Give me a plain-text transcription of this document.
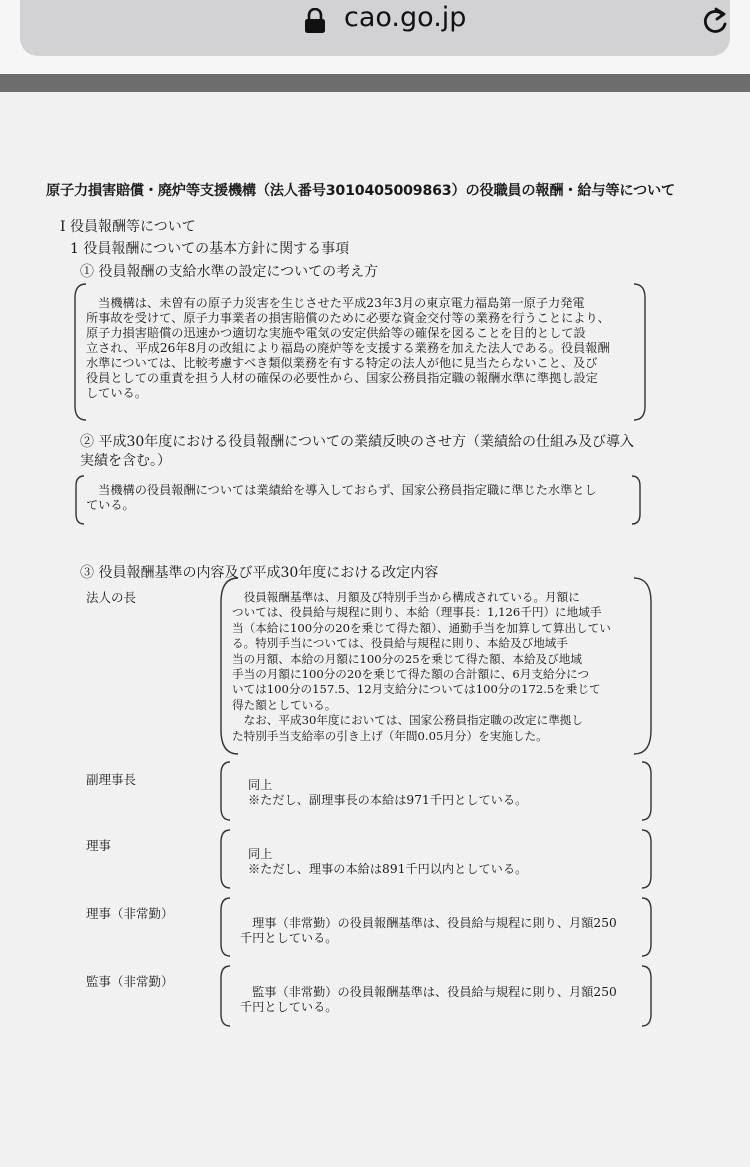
cao.go.jp
原子力損害賠償・廃炉等支援機構（法人番号3010405009863）の役職員の報酬・給与等について
Ⅰ 役員報酬等について
1 役員報酬についての基本方針に関する事項
① 役員報酬の支給水準の設定についての考え方
　当機構は、未曽有の原子力災害を生じさせた平成23年3月の東京電力福島第一原子力発電
所事故を受けて、原子力事業者の損害賠償のために必要な資金交付等の業務を行うことにより、
原子力損害賠償の迅速かつ適切な実施や電気の安定供給等の確保を図ることを目的として設
立され、平成26年8月の改組により福島の廃炉等を支援する業務を加えた法人である。役員報酬
水準については、比較考慮すべき類似業務を有する特定の法人が他に見当たらないこと、及び
役員としての重責を担う人材の確保の必要性から、国家公務員指定職の報酬水準に準拠し設定
している。
② 平成30年度における役員報酬についての業績反映のさせ方（業績給の仕組み及び導入
実績を含む。）
　当機構の役員報酬については業績給を導入しておらず、国家公務員指定職に準じた水準とし
ている。
③ 役員報酬基準の内容及び平成30年度における改定内容
法人の長	　役員報酬基準は、月額及び特別手当から構成されている。月額に
ついては、役員給与規程に則り、本給（理事長：1,126千円）に地域手
当（本給に100分の20を乗じて得た額）、通勤手当を加算して算出してい
る。特別手当については、役員給与規程に則り、本給及び地域手
当の月額、本給の月額に100分の25を乗じて得た額、本給及び地域
手当の月額に100分の20を乗じて得た額の合計額に、6月支給分につ
いては100分の157.5、12月支給分については100分の172.5を乗じて
得た額としている。
　なお、平成30年度においては、国家公務員指定職の改定に準拠し
た特別手当支給率の引き上げ（年間0.05月分）を実施した。
副理事長	同上
※ただし、副理事長の本給は971千円としている。
理事
同上
※ただし、理事の本給は891千円以内としている。
理事（非常勤）
　理事（非常勤）の役員報酬基準は、役員給与規程に則り、月額250
千円としている。
監事（非常勤）
　監事（非常勤）の役員報酬基準は、役員給与規程に則り、月額250
千円としている。
